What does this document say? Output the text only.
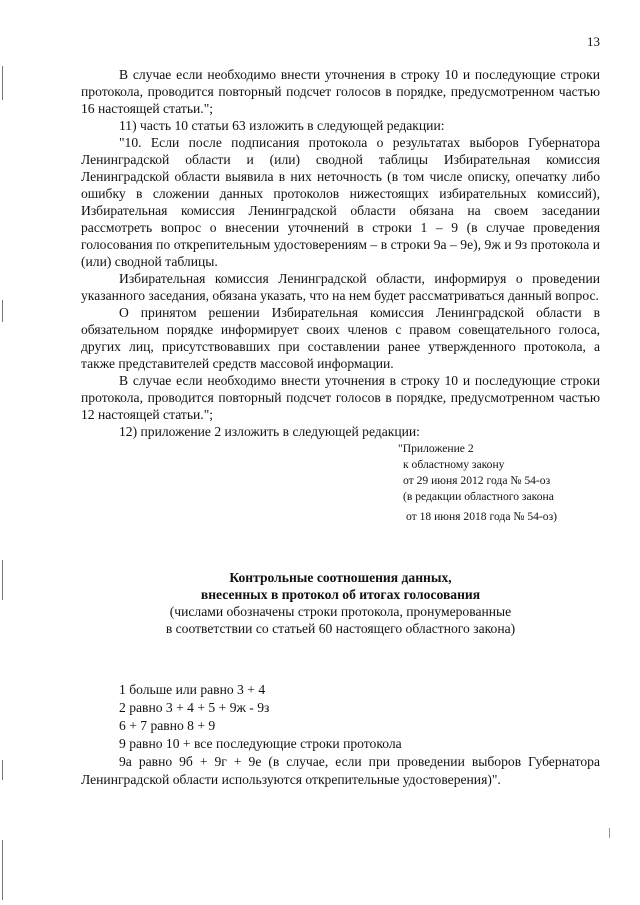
13

В случае если необходимо внести уточнения в строку 10 и последующие строки протокола, проводится повторный подсчет голосов в порядке, предусмотренном частью 16 настоящей статьи.";

11) часть 10 статьи 63 изложить в следующей редакции:

"10. Если после подписания протокола о результатах выборов Губернатора Ленинградской области и (или) сводной таблицы Избирательная комиссия Ленинградской области выявила в них неточность (в том числе описку, опечатку либо ошибку в сложении данных протоколов нижестоящих избирательных комиссий), Избирательная комиссия Ленинградской области обязана на своем заседании рассмотреть вопрос о внесении уточнений в строки 1 – 9 (в случае проведения голосования по открепительным удостоверениям – в строки 9а – 9е), 9ж и 9з протокола и (или) сводной таблицы.

Избирательная комиссия Ленинградской области, информируя о проведении указанного заседания, обязана указать, что на нем будет рассматриваться данный вопрос.

О принятом решении Избирательная комиссия Ленинградской области в обязательном порядке информирует своих членов с правом совещательного голоса, других лиц, присутствовавших при составлении ранее утвержденного протокола, а также представителей средств массовой информации.

В случае если необходимо внести уточнения в строку 10 и последующие строки протокола, проводится повторный подсчет голосов в порядке, предусмотренном частью 12 настоящей статьи.";

12) приложение 2 изложить в следующей редакции:

"Приложение 2
к областному закону
от 29 июня 2012 года № 54-оз
(в редакции областного закона
от 18 июня 2018 года № 54-оз)
Контрольные соотношения данных,
внесенных в протокол об итогах голосования
(числами обозначены строки протокола, пронумерованные
в соответствии со статьей 60 настоящего областного закона)
1 больше или равно 3 + 4
2 равно 3 + 4 + 5 + 9ж - 9з
6 + 7 равно 8 + 9
9 равно 10 + все последующие строки протокола

9а равно 9б + 9г + 9е (в случае, если при проведении выборов Губернатора Ленинградской области используются открепительные удостоверения)".
